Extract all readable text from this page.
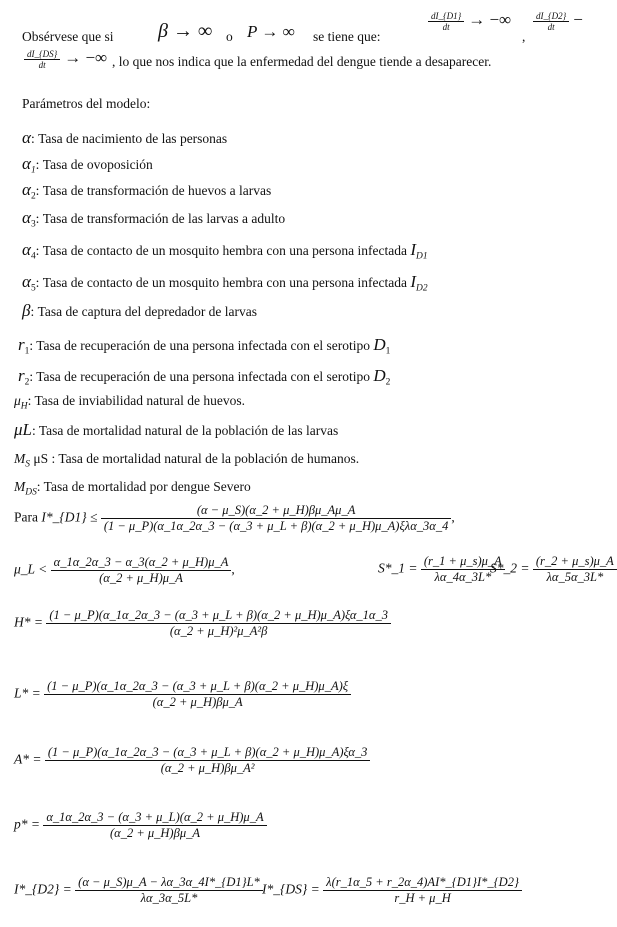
Obsérvese que si β → ∞ o P → ∞ se tiene que:
$\frac{dI\_\{D1\}}{dt}$ → −∞
,
$\frac{dI\_\{D2\}}{dt}$ −
$\frac{dI\_\{DS\}}{dt}$ → −∞ , lo que nos indica que la enfermedad del dengue tiende a desaparecer.
Parámetros del modelo:
α: Tasa de nacimiento de las personas
$\alpha_1$: Tasa de ovoposición
$\alpha_2$: Tasa de transformación de huevos a larvas
$\alpha_3$: Tasa de transformación de las larvas a adulto
$\alpha_4$: Tasa de contacto de un mosquito hembra con una persona infectada $I_{D1}$
$\alpha_5$: Tasa de contacto de un mosquito hembra con una persona infectada $I_{D2}$
β: Tasa de captura del depredador de larvas
$r_1$: Tasa de recuperación de una persona infectada con el serotipo $D_1$
$r_2$: Tasa de recuperación de una persona infectada con el serotipo $D_2$
$\mu_H$: Tasa de inviabilidad natural de huevos.
μL: Tasa de mortalidad natural de la población de las larvas
$M_S$ μS : Tasa de mortalidad natural de la población de humanos.
$M_{DS}$: Tasa de mortalidad por dengue Severo
Para I*_{D1} ≤ $\frac{(\alpha - \mu\_S)(\alpha\_2 + \mu\_H)\beta\mu\_A\mu\_A}{\text{(1 − μ\_P)(α\_1α\_2α\_3 − (α\_3 + μ\_L + β)(α\_2 + μ\_H)μ\_A)ξλα\_3α\_4}}$ ,
μ_L < $\frac{\alpha\_1\alpha\_2\alpha\_3 - \alpha\_3(\alpha\_2 + \mu\_H)\mu\_A}{(\alpha\_2 + \mu\_H)\mu\_A}$ ,	S*_1 = $\frac{(r\_1 + \mu\_s)\mu\_A}{\lambda\alpha\_4\alpha\_3L*}$
S*_2 = $\frac{(r\_2 + \mu\_s)\mu\_A}{\lambda\alpha\_5\alpha\_3L*}$
$H* = \frac{(1 - \mu\_P)(\alpha\_1\alpha\_2\alpha\_3 - (\alpha\_3 + \mu\_L + \beta)(\alpha\_2 + \mu\_H)\mu\_A)\xi\alpha\_1\alpha\_3}{\text{(α\_2 + μ\_H)²μ\_A²β}}$
$L* = \frac{(1 - \mu\_P)(\alpha\_1\alpha\_2\alpha\_3 - (\alpha\_3 + \mu\_L + \beta)(\alpha\_2 + \mu\_H)\mu\_A)\xi}{(\alpha\_2 + \mu\_H)\beta\mu\_A}$
$A* = \frac{(1 - \mu\_P)(\alpha\_1\alpha\_2\alpha\_3 - (\alpha\_3 + \mu\_L + \beta)(\alpha\_2 + \mu\_H)\mu\_A)\xi\alpha\_3}{\text{(α\_2 + μ\_H)βμ\_A²}}$
$p* = \frac{\alpha\_1\alpha\_2\alpha\_3 - (\alpha\_3 + \mu\_L)(\alpha\_2 + \mu\_H)\mu\_A}{(\alpha\_2 + \mu\_H)\beta\mu\_A}$
I*_{D2} = $\frac{(\alpha - \mu\_S)\mu\_A - \lambda\alpha\_3\alpha\_4I*\_\{D1\}L*}{\lambda\alpha\_3\alpha\_5L*}$ I*_{DS} = $\frac{\lambda(r\_1\alpha\_5 + r\_2\alpha\_4)AI*\_\{D1\}I*\_\{D2\}}{r\_H + \mu\_H}$
